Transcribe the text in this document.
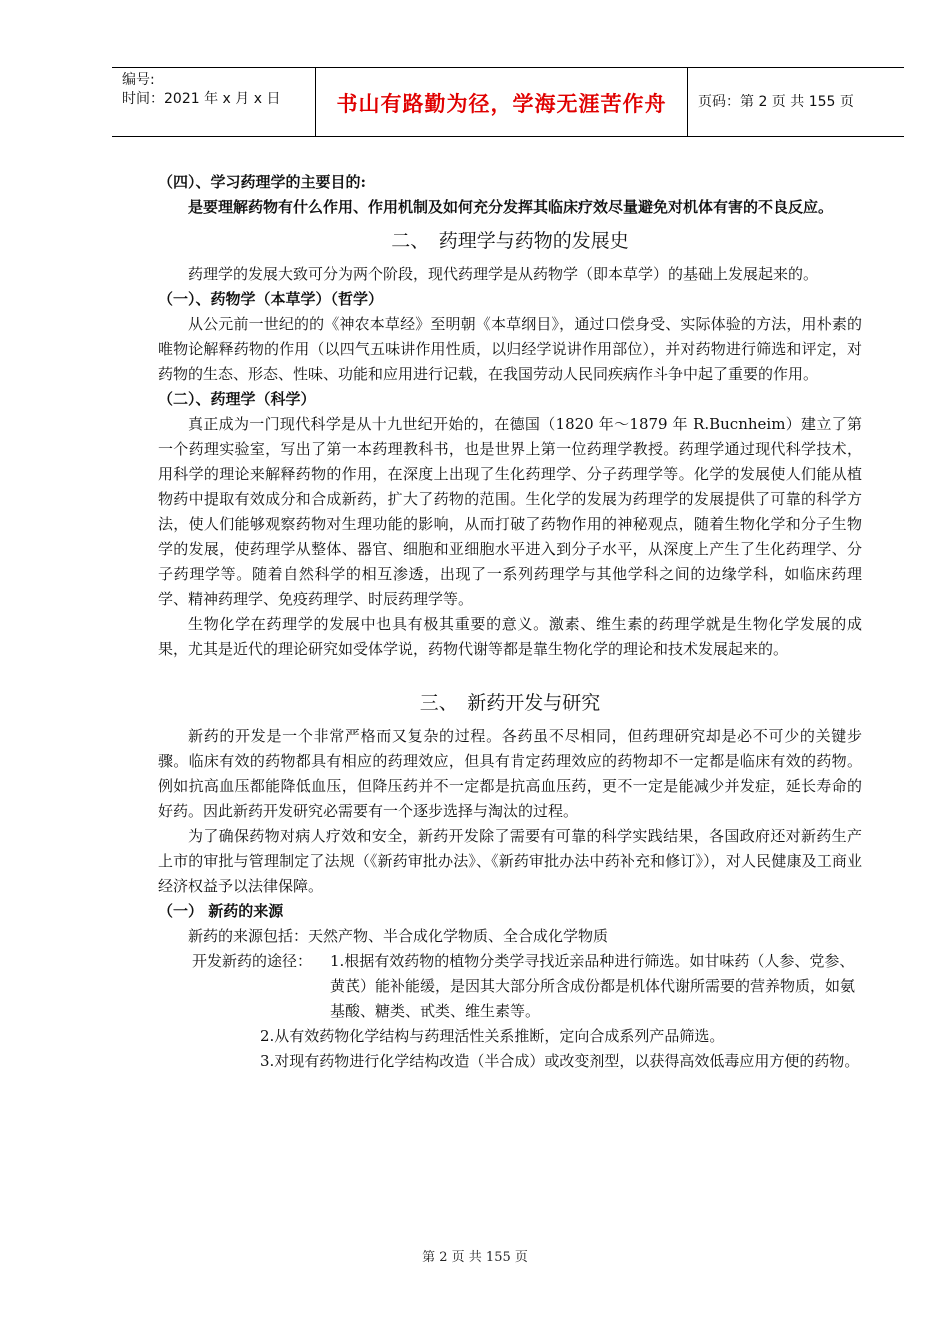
编号:
时间：2021 年 x 月 x 日	书山有路勤为径，学海无涯苦作舟	页码：第 2 页 共 155 页

（四）、学习药理学的主要目的:

是要理解药物有什么作用、作用机制及如何充分发挥其临床疗效尽量避免对机体有害的不良反应。

二、　药理学与药物的发展史

药理学的发展大致可分为两个阶段，现代药理学是从药物学（即本草学）的基础上发展起来的。

（一）、药物学（本草学）（哲学）

从公元前一世纪的的《神农本草经》至明朝《本草纲目》，通过口偿身受、实际体验的方法，用朴素的唯物论解释药物的作用（以四气五味讲作用性质，以归经学说讲作用部位），并对药物进行筛选和评定，对药物的生态、形态、性味、功能和应用进行记载，在我国劳动人民同疾病作斗争中起了重要的作用。

（二）、药理学（科学）

真正成为一门现代科学是从十九世纪开始的，在德国（1820 年～1879 年 R.Bucnheim）建立了第一个药理实验室，写出了第一本药理教科书，也是世界上第一位药理学教授。药理学通过现代科学技术，用科学的理论来解释药物的作用，在深度上出现了生化药理学、分子药理学等。化学的发展使人们能从植物药中提取有效成分和合成新药，扩大了药物的范围。生化学的发展为药理学的发展提供了可靠的科学方法，使人们能够观察药物对生理功能的影响，从而打破了药物作用的神秘观点，随着生物化学和分子生物学的发展，使药理学从整体、器官、细胞和亚细胞水平进入到分子水平，从深度上产生了生化药理学、分子药理学等。随着自然科学的相互渗透，出现了一系列药理学与其他学科之间的边缘学科，如临床药理学、精神药理学、免疫药理学、时辰药理学等。

生物化学在药理学的发展中也具有极其重要的意义。激素、维生素的药理学就是生物化学发展的成果，尤其是近代的理论研究如受体学说，药物代谢等都是靠生物化学的理论和技术发展起来的。

三、　新药开发与研究

新药的开发是一个非常严格而又复杂的过程。各药虽不尽相同，但药理研究却是必不可少的关键步骤。临床有效的药物都具有相应的药理效应，但具有肯定药理效应的药物却不一定都是临床有效的药物。例如抗高血压都能降低血压，但降压药并不一定都是抗高血压药，更不一定是能减少并发症，延长寿命的好药。因此新药开发研究必需要有一个逐步选择与淘汰的过程。

为了确保药物对病人疗效和安全，新药开发除了需要有可靠的科学实践结果，各国政府还对新药生产上市的审批与管理制定了法规（《新药审批办法》、《新药审批办法中药补充和修订》），对人民健康及工商业经济权益予以法律保障。

（一） 新药的来源

新药的来源包括：天然产物、半合成化学物质、全合成化学物质

开发新药的途径：	1.根据有效药物的植物分类学寻找近亲品种进行筛选。如甘味药（人参、党参、黄芪）能补能缓，是因其大部分所含成份都是机体代谢所需要的营养物质，如氨基酸、糖类、甙类、维生素等。
2.从有效药物化学结构与药理活性关系推断，定向合成系列产品筛选。
3.对现有药物进行化学结构改造（半合成）或改变剂型，以获得高效低毒应用方便的药物。
第 2 页 共 155 页
